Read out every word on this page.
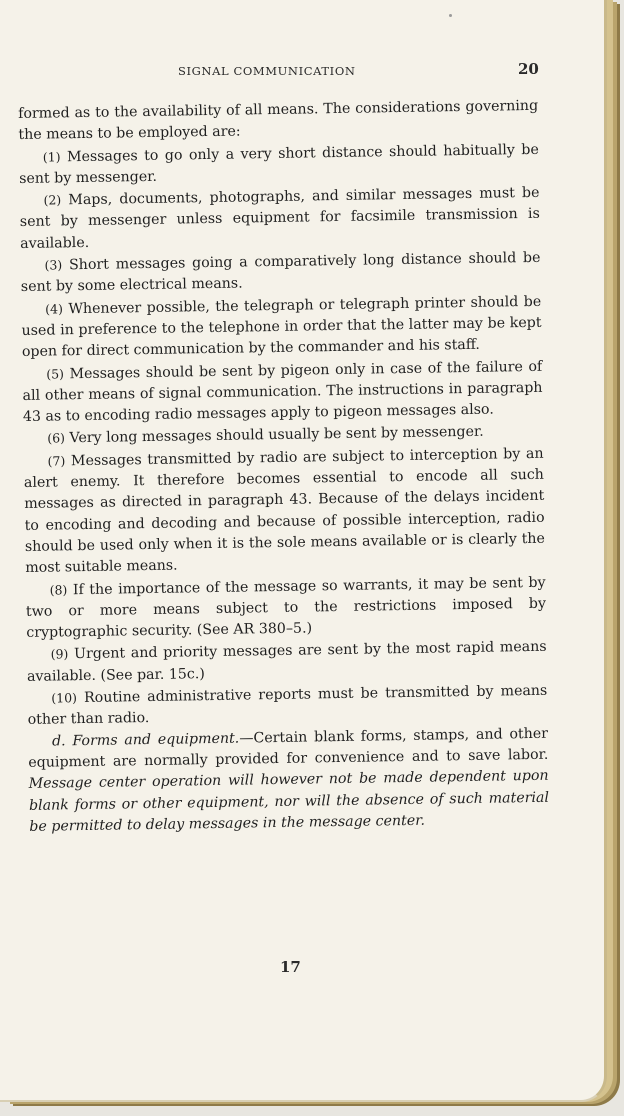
SIGNAL COMMUNICATION	20

formed as to the availability of all means. The considerations governing the means to be employed are:

(1) Messages to go only a very short distance should habitually be sent by messenger.

(2) Maps, documents, photographs, and similar messages must be sent by messenger unless equipment for facsimile transmission is available.

(3) Short messages going a comparatively long distance should be sent by some electrical means.

(4) Whenever possible, the telegraph or telegraph printer should be used in preference to the telephone in order that the latter may be kept open for direct communication by the commander and his staff.

(5) Messages should be sent by pigeon only in case of the failure of all other means of signal communication. The instructions in paragraph 43 as to encoding radio messages apply to pigeon messages also.

(6) Very long messages should usually be sent by messenger.

(7) Messages transmitted by radio are subject to interception by an alert enemy. It therefore becomes essential to encode all such messages as directed in paragraph 43. Because of the delays incident to encoding and decoding and because of possible interception, radio should be used only when it is the sole means available or is clearly the most suitable means.

(8) If the importance of the message so warrants, it may be sent by two or more means subject to the restrictions imposed by cryptographic security. (See AR 380–5.)

(9) Urgent and priority messages are sent by the most rapid means available. (See par. 15c.)

(10) Routine administrative reports must be transmitted by means other than radio.

d. Forms and equipment.—Certain blank forms, stamps, and other equipment are normally provided for convenience and to save labor. Message center operation will however not be made dependent upon blank forms or other equipment, nor will the absence of such material be permitted to delay messages in the message center.

17
